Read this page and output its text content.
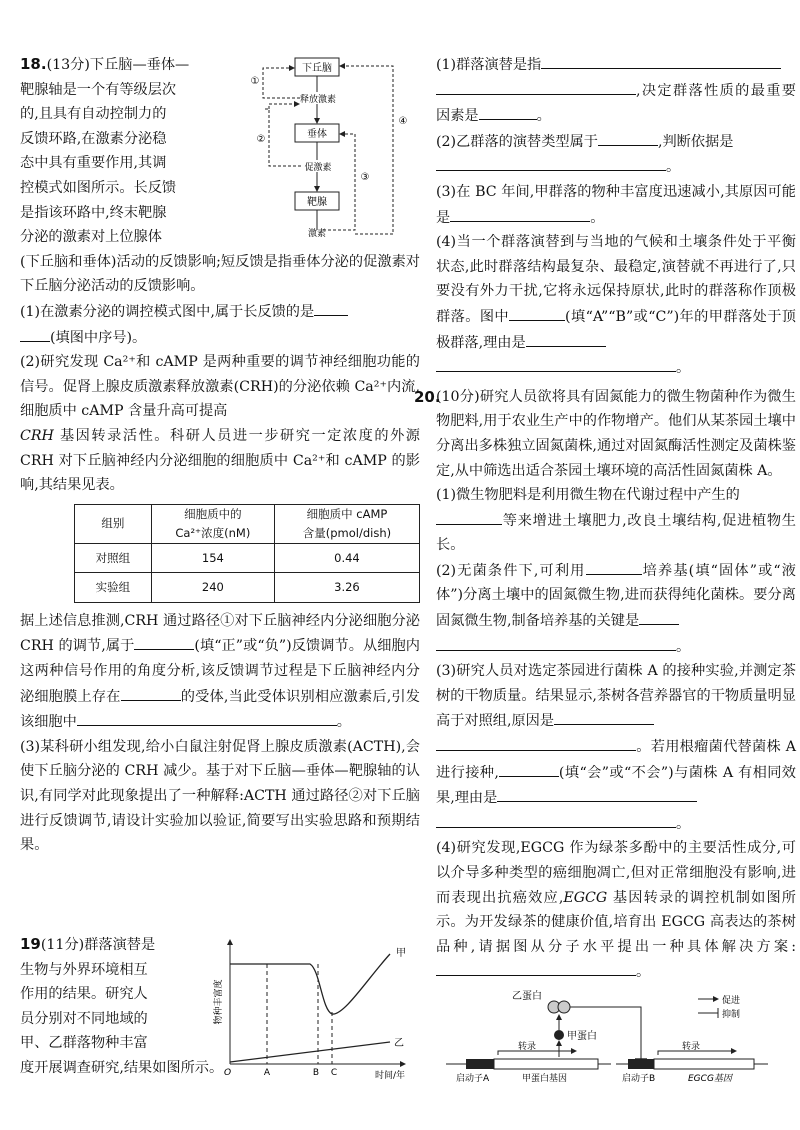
18.(13分)下丘脑—垂体—

靶腺轴是一个有等级层次

的,且具有自动控制力的

反馈环路,在激素分泌稳

态中具有重要作用,其调

控模式如图所示。长反馈

是指该环路中,终末靶腺

分泌的激素对上位腺体

下丘脑
垂体
靶腺
释放激素
促激素
激素
①
②
③
④

(下丘脑和垂体)活动的反馈影响;短反馈是指垂体分泌的促激素对下丘脑分泌活动的反馈影响。

(1)在激素分泌的调控模式图中,属于长反馈的是
(填图中序号)。

(2)研究发现 Ca²⁺和 cAMP 是两种重要的调节神经细胞功能的信号。促肾上腺皮质激素释放激素(CRH)的分泌依赖 Ca²⁺内流,细胞质中 cAMP 含量升高可提高
CRH 基因转录活性。科研人员进一步研究一定浓度的外源 CRH 对下丘脑神经内分泌细胞的细胞质中 Ca²⁺和 cAMP 的影响,其结果见表。

组别	细胞质中的	细胞质中 cAMP
	Ca²⁺浓度(nM)	含量(pmol/dish)
对照组	154	0.44
实验组	240	3.26

据上述信息推测,CRH 通过路径①对下丘脑神经内分泌细胞分泌 CRH 的调节,属于	(填“正”或“负”)反馈调节。从细胞内这两种信号作用的角度分析,该反馈调节过程是下丘脑神经内分泌细胞膜上存在	的受体,当此受体识别相应激素后,引发该细胞中	。

(3)某科研小组发现,给小白鼠注射促肾上腺皮质激素(ACTH),会使下丘脑分泌的 CRH 减少。基于对下丘脑—垂体—靶腺轴的认识,有同学对此现象提出了一种解释:ACTH 通过路径②对下丘脑进行反馈调节,请设计实验加以验证,简要写出实验思路和预期结果。

19(11分)群落演替是

生物与外界环境相互

作用的结果。研究人

员分别对不同地域的

甲、乙群落物种丰富

度开展调查研究,结果如图所示。

物种丰富度
时间/年
O	A	B C
甲
乙

(1)群落演替是指
,决定群落性质的最重要因素是	。

(2)乙群落的演替类型属于	,判断依据是
。

(3)在 BC 年间,甲群落的物种丰富度迅速减小,其原因可能是	。

(4)当一个群落演替到与当地的气候和土壤条件处于平衡状态,此时群落结构最复杂、最稳定,演替就不再进行了,只要没有外力干扰,它将永远保持原状,此时的群落称作顶极群落。图中	(填“A”“B”或“C”)年的甲群落处于顶极群落,理由是
。

20.

(10分)研究人员欲将具有固氮能力的微生物菌种作为微生物肥料,用于农业生产中的作物增产。他们从某茶园土壤中分离出多株独立固氮菌株,通过对固氮酶活性测定及菌株鉴定,从中筛选出适合茶园土壤环境的高活性固氮菌株 A。

(1)微生物肥料是利用微生物在代谢过程中产生的
等来增进土壤肥力,改良土壤结构,促进植物生长。

(2)无菌条件下,可利用	培养基(填“固体”或“液体”)分离土壤中的固氮微生物,进而获得纯化菌株。要分离固氮微生物,制备培养基的关键是
。

(3)研究人员对选定茶园进行菌株 A 的接种实验,并测定茶树的干物质量。结果显示,茶树各营养器官的干物质量明显高于对照组,原因是
。若用根瘤菌代替菌株 A 进行接种,	(填“会”或“不会”)与菌株 A 有相同效果,理由是
。

(4)研究发现,EGCG 作为绿茶多酚中的主要活性成分,可以介导多种类型的癌细胞凋亡,但对正常细胞没有影响,进而表现出抗癌效应,EGCG 基因转录的调控机制如图所示。为开发绿茶的健康价值,培育出 EGCG 高表达的茶树品种,请据图从分子水平提出一种具体解决方案:。

乙蛋白
甲蛋白
转录
启动子A	甲蛋白基因
转录
启动子B	EGCG基因
促进
抑制
